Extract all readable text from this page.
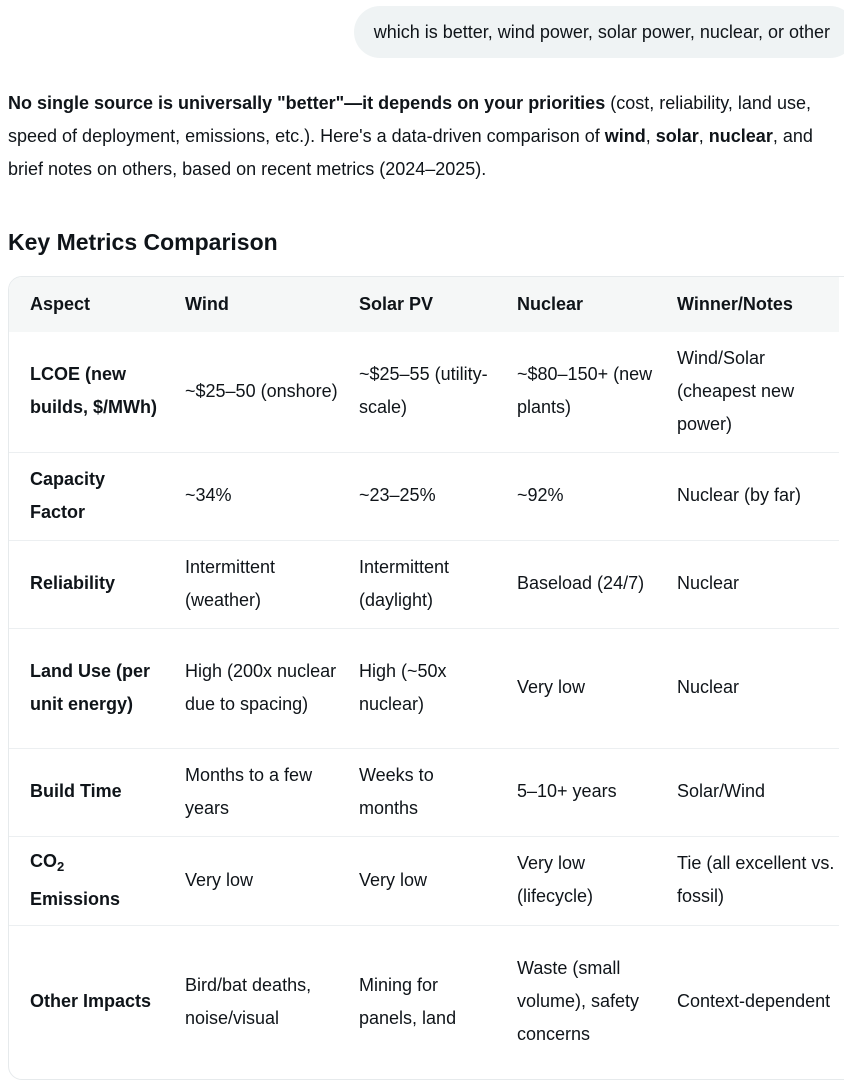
which is better, wind power, solar power, nuclear, or other

No single source is universally "better"—it depends on your priorities (cost, reliability, land use, speed of deployment, emissions, etc.). Here's a data-driven comparison of wind, solar, nuclear, and brief notes on others, based on recent metrics (2024–2025).

Key Metrics Comparison
Aspect	Wind	Solar PV	Nuclear	Winner/Notes
LCOE (new builds, $/MWh)	~$25–50 (onshore)	~$25–55 (utility-scale)	~$80–150+ (new plants)	Wind/Solar (cheapest new power)
Capacity Factor	~34%	~23–25%	~92%	Nuclear (by far)
Reliability	Intermittent (weather)	Intermittent (daylight)	Baseload (24/7)	Nuclear
Land Use (per unit energy)	High (200x nuclear due to spacing)	High (~50x nuclear)	Very low	Nuclear
Build Time	Months to a few years	Weeks to months	5–10+ years	Solar/Wind
$CO_2$
Emissions	Very low	Very low	Very low (lifecycle)	Tie (all excellent vs. fossil)
Other Impacts	Bird/bat deaths, noise/visual	Mining for panels, land	Waste (small volume), safety concerns	Context-dependent
